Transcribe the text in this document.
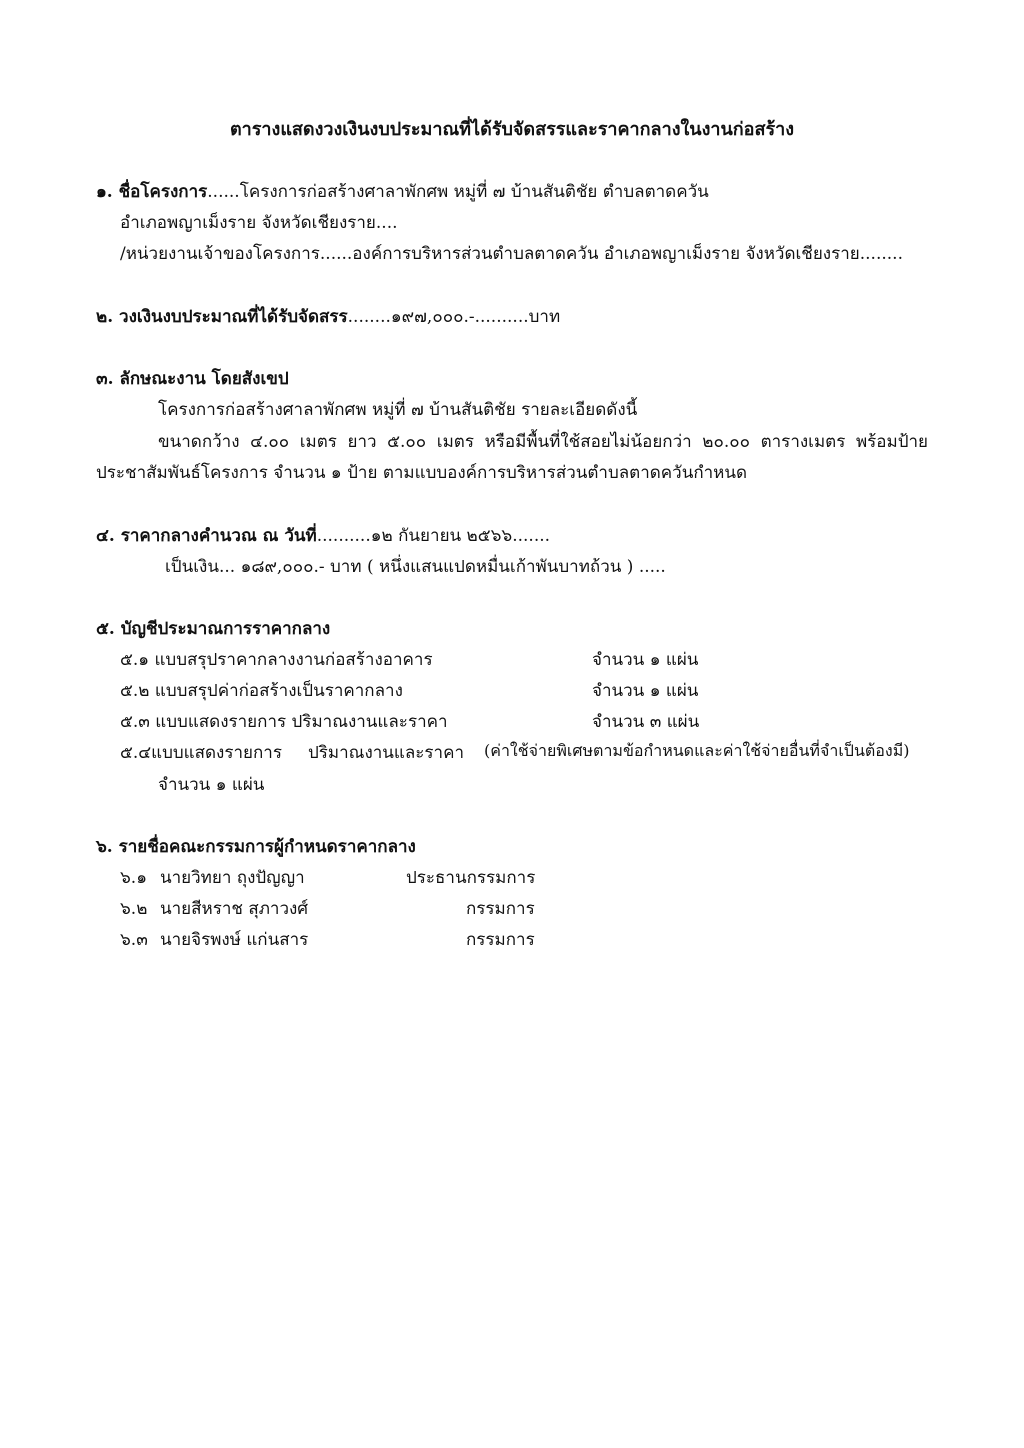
ตารางแสดงวงเงินงบประมาณที่ได้รับจัดสรรและราคากลางในงานก่อสร้าง
๑. ชื่อโครงการ......โครงการก่อสร้างศาลาพักศพ หมู่ที่ ๗ บ้านสันติชัย ตำบลตาดควัน
อำเภอพญาเม็งราย จังหวัดเชียงราย....
/หน่วยงานเจ้าของโครงการ......องค์การบริหารส่วนตำบลตาดควัน อำเภอพญาเม็งราย จังหวัดเชียงราย........
๒. วงเงินงบประมาณที่ได้รับจัดสรร........๑๙๗,๐๐๐.-..........บาท
๓. ลักษณะงาน โดยสังเขป
โครงการก่อสร้างศาลาพักศพ หมู่ที่ ๗ บ้านสันติชัย รายละเอียดดังนี้
ขนาดกว้าง ๔.๐๐ เมตร ยาว ๕.๐๐ เมตร หรือมีพื้นที่ใช้สอยไม่น้อยกว่า ๒๐.๐๐ ตารางเมตร พร้อมป้าย
ประชาสัมพันธ์โครงการ จำนวน ๑ ป้าย ตามแบบองค์การบริหารส่วนตำบลตาดควันกำหนด
๔. ราคากลางคำนวณ ณ วันที่..........๑๒ กันยายน ๒๕๖๖.......
เป็นเงิน... ๑๘๙,๐๐๐.- บาท ( หนึ่งแสนแปดหมื่นเก้าพันบาทถ้วน ) .....
๕. บัญชีประมาณการราคากลาง
๕.๑ แบบสรุปราคากลางงานก่อสร้างอาคาร	จำนวน ๑ แผ่น
๕.๒ แบบสรุปค่าก่อสร้างเป็นราคากลาง	จำนวน ๑ แผ่น
๕.๓ แบบแสดงรายการ ปริมาณงานและราคา	จำนวน ๓ แผ่น
๕.๔แบบแสดงรายการ ปริมาณงานและราคา (ค่าใช้จ่ายพิเศษตามข้อกำหนดและค่าใช้จ่ายอื่นที่จำเป็นต้องมี)
จำนวน ๑ แผ่น
๖. รายชื่อคณะกรรมการผู้กำหนดราคากลาง
๖.๑ นายวิทยา ถุงปัญญา	ประธานกรรมการ
๖.๒ นายสีหราช สุภาวงศ์	กรรมการ
๖.๓ นายจิรพงษ์ แก่นสาร	กรรมการ
